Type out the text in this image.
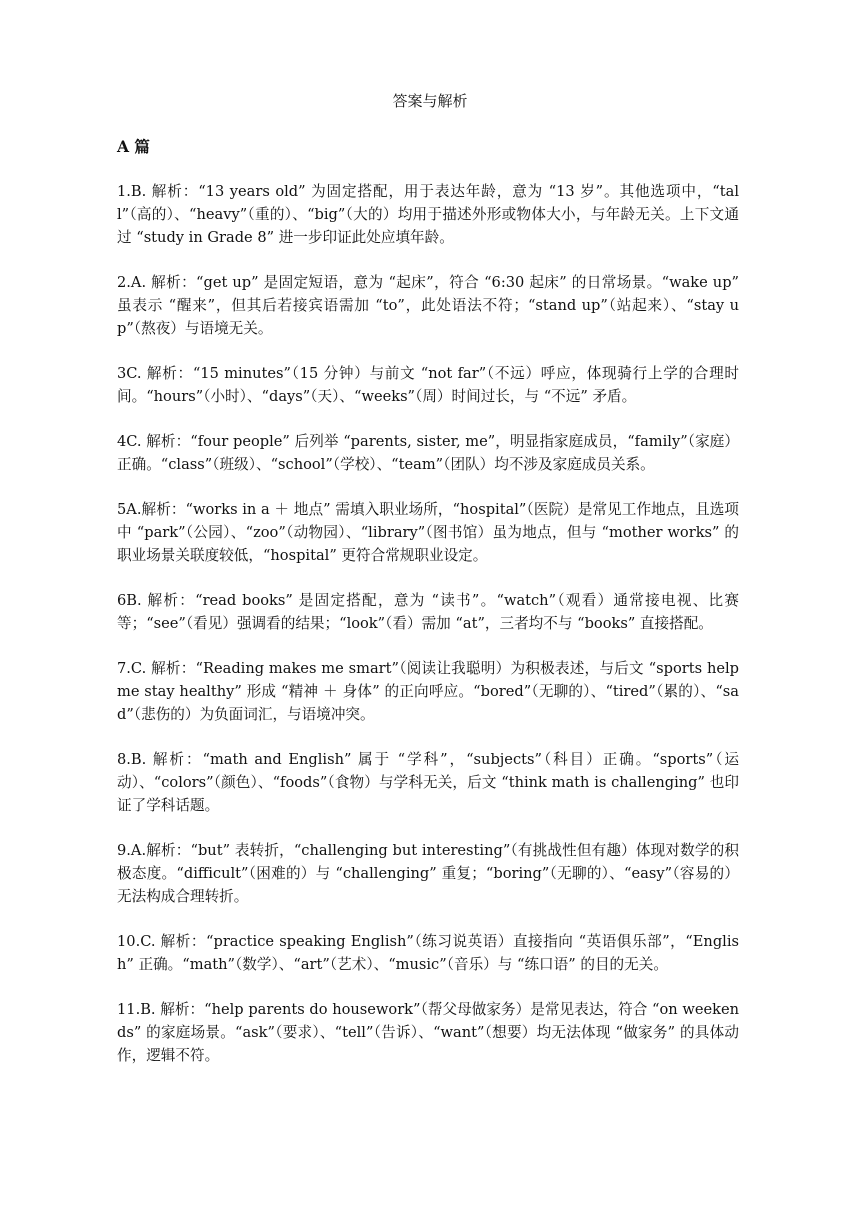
答案与解析
A 篇

1.B. 解析：“13 years old” 为固定搭配，用于表达年龄，意为 “13 岁”。其他选项中，“tall”（高的）、“heavy”（重的）、“big”（大的）均用于描述外形或物体大小，与年龄无关。上下文通过 “study in Grade 8” 进一步印证此处应填年龄。

2.A. 解析：“get up” 是固定短语，意为 “起床”，符合 “6:30 起床” 的日常场景。“wake up” 虽表示 “醒来”，但其后若接宾语需加 “to”，此处语法不符；“stand up”（站起来）、“stay up”（熬夜）与语境无关。

3C. 解析：“15 minutes”（15 分钟）与前文 “not far”（不远）呼应，体现骑行上学的合理时间。“hours”（小时）、“days”（天）、“weeks”（周）时间过长，与 “不远” 矛盾。

4C. 解析：“four people” 后列举 “parents, sister, me”，明显指家庭成员，“family”（家庭）正确。“class”（班级）、“school”（学校）、“team”（团队）均不涉及家庭成员关系。

5A.解析：“works in a ＋ 地点” 需填入职业场所，“hospital”（医院）是常见工作地点，且选项中 “park”（公园）、“zoo”（动物园）、“library”（图书馆）虽为地点，但与 “mother works” 的职业场景关联度较低，“hospital” 更符合常规职业设定。

6B. 解析：“read books” 是固定搭配，意为 “读书”。“watch”（观看）通常接电视、比赛等；“see”（看见）强调看的结果；“look”（看）需加 “at”，三者均不与 “books” 直接搭配。

7.C. 解析：“Reading makes me smart”（阅读让我聪明）为积极表述，与后文 “sports help me stay healthy” 形成 “精神 ＋ 身体” 的正向呼应。“bored”（无聊的）、“tired”（累的）、“sad”（悲伤的）为负面词汇，与语境冲突。

8.B. 解析：“math and English” 属于 “学科”，“subjects”（科目）正确。“sports”（运动）、“colors”（颜色）、“foods”（食物）与学科无关，后文 “think math is challenging” 也印证了学科话题。

9.A.解析：“but” 表转折，“challenging but interesting”（有挑战性但有趣）体现对数学的积极态度。“difficult”（困难的）与 “challenging” 重复；“boring”（无聊的）、“easy”（容易的）无法构成合理转折。

10.C. 解析：“practice speaking English”（练习说英语）直接指向 “英语俱乐部”，“English” 正确。“math”（数学）、“art”（艺术）、“music”（音乐）与 “练口语” 的目的无关。

11.B. 解析：“help parents do housework”（帮父母做家务）是常见表达，符合 “on weekends” 的家庭场景。“ask”（要求）、“tell”（告诉）、“want”（想要）均无法体现 “做家务” 的具体动作，逻辑不符。
